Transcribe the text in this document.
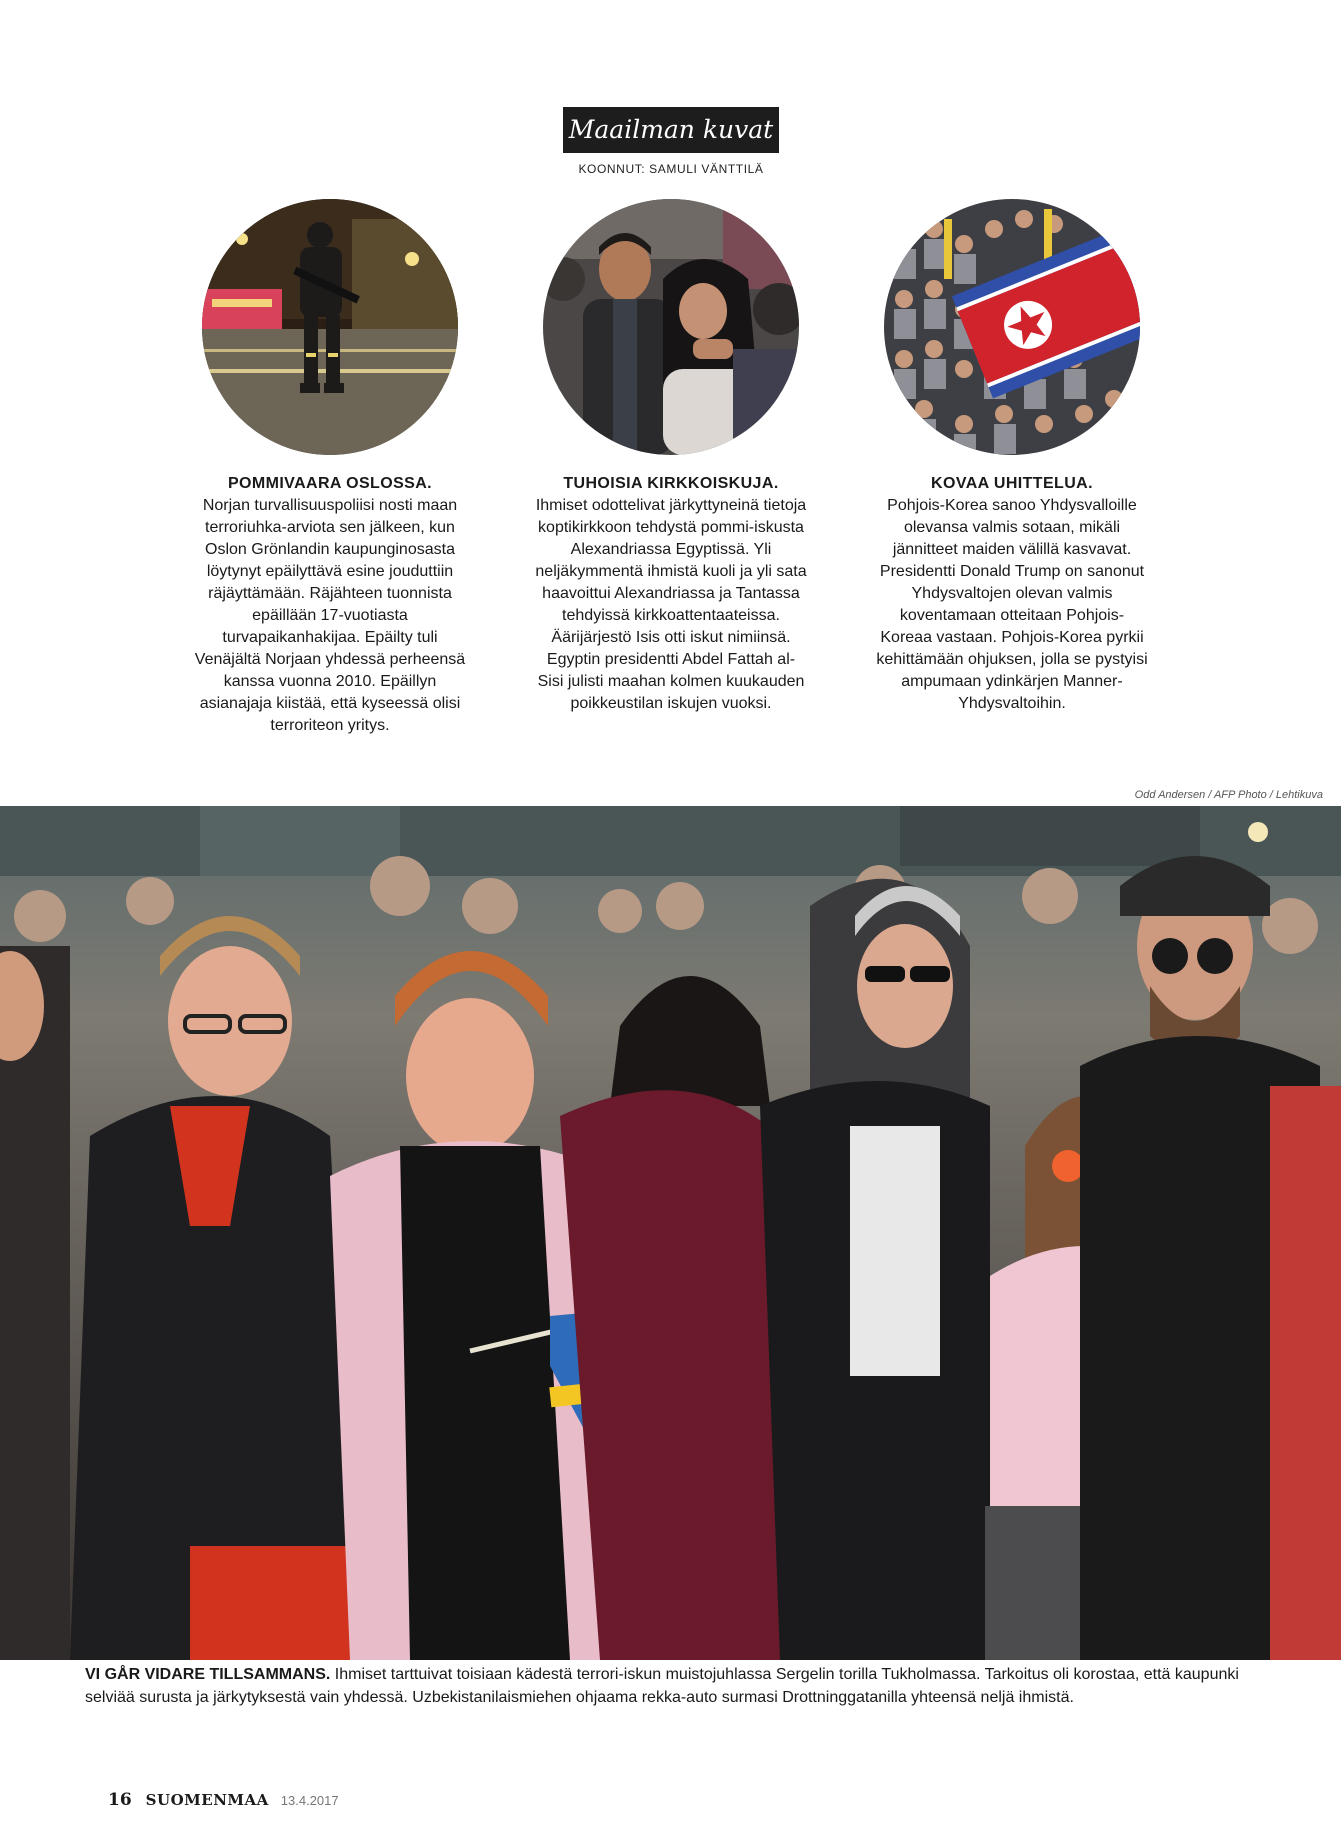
Maailman kuvat
KOONNUT: SAMULI VÄNTTILÄ
POMMIVAARA OSLOSSA.
Norjan turvallisuuspoliisi nosti maan terroriuhka-arviota sen jälkeen, kun Oslon Grönlandin kaupunginosasta löytynyt epäilyttävä esine jouduttiin räjäyttämään. Räjähteen tuonnista epäillään 17-vuotiasta turvapaikanhakijaa. Epäilty tuli Venäjältä Norjaan yhdessä perheensä kanssa vuonna 2010. Epäillyn asianajaja kiistää, että kyseessä olisi terroriteon yritys.
TUHOISIA KIRKKOISKUJA.
Ihmiset odottelivat järkyttyneinä tietoja koptikirkkoon tehdystä pommi-iskusta Alexandriassa Egyptissä. Yli neljäkymmentä ihmistä kuoli ja yli sata haavoittui Alexandriassa ja Tantassa tehdyissä kirkkoattentaateissa. Äärijärjestö Isis otti iskut nimiinsä. Egyptin presidentti Abdel Fattah al-Sisi julisti maahan kolmen kuukauden poikkeustilan iskujen vuoksi.
KOVAA UHITTELUA.
Pohjois-Korea sanoo Yhdysvalloille olevansa valmis sotaan, mikäli jännitteet maiden välillä kasvavat. Presidentti Donald Trump on sanonut Yhdysvaltojen olevan valmis koventamaan otteitaan Pohjois-Koreaa vastaan. Pohjois-Korea pyrkii kehittämään ohjuksen, jolla se pystyisi ampumaan ydinkärjen Manner-Yhdysvaltoihin.
Odd Andersen / AFP Photo / Lehtikuva
VI GÅR VIDARE TILLSAMMANS. Ihmiset tarttuivat toisiaan kädestä terrori-iskun muistojuhlassa Sergelin torilla Tukholmassa. Tarkoitus oli korostaa, että kaupunki selviää surusta ja järkytyksestä vain yhdessä. Uzbekistanilaismiehen ohjaama rekka-auto surmasi Drottninggatanilla yhteensä neljä ihmistä.
16 SUOMENMAA 13.4.2017
